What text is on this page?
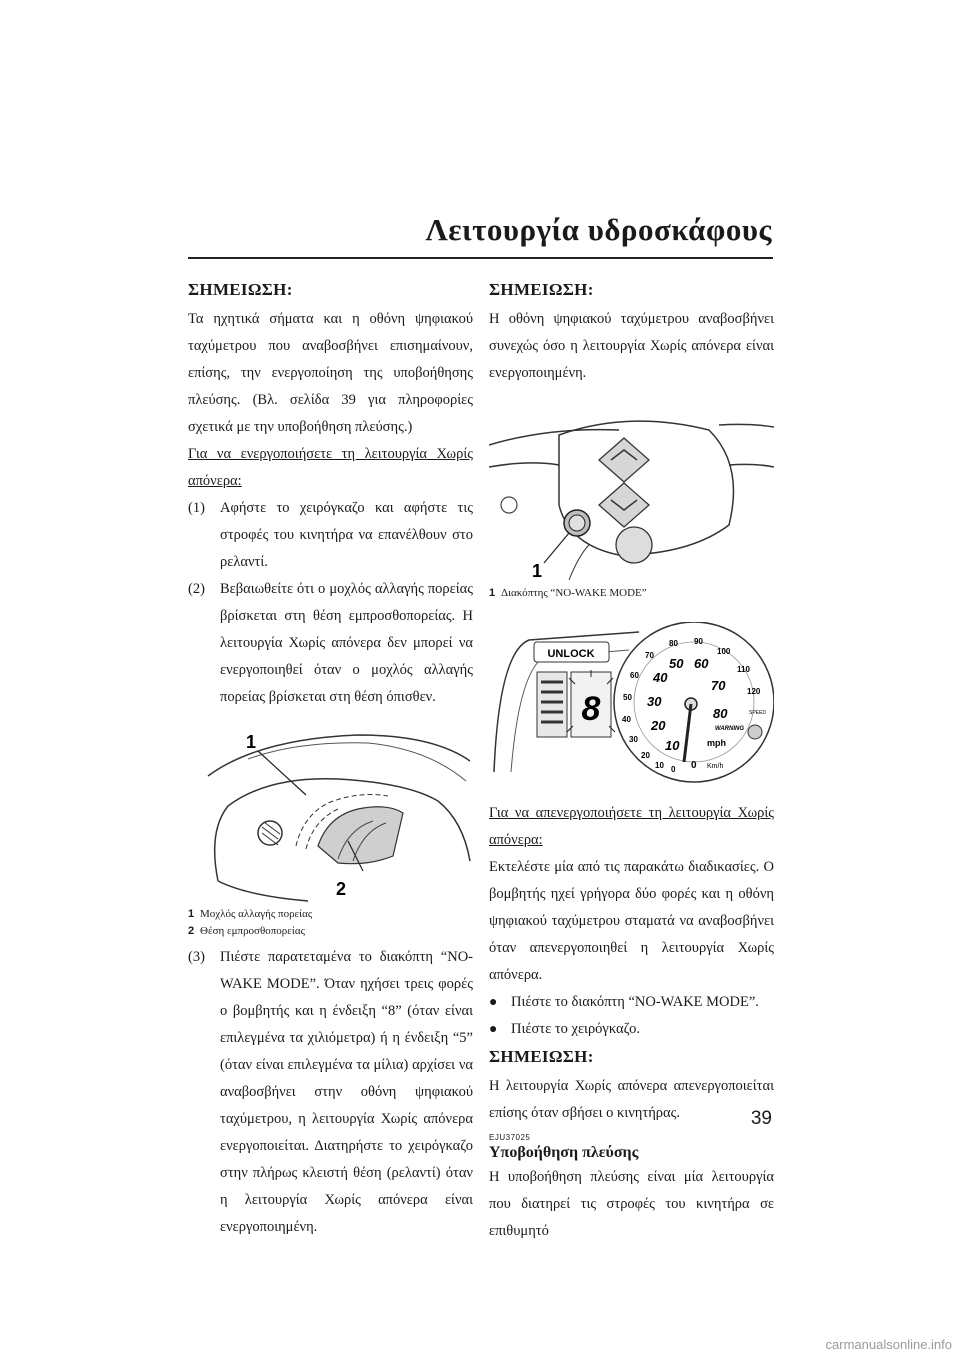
Λειτουργία υδροσκάφους
ΣΗΜΕΙΩΣΗ:

Τα ηχητικά σήματα και η οθόνη ψηφιακού ταχύμετρου που αναβοσβήνει επισημαίνουν, επίσης, την ενεργοποίηση της υποβοήθησης πλεύσης. (Βλ. σελίδα 39 για πληροφορίες σχετικά με την υποβοήθηση πλεύσης.)

Για να ενεργοποιήσετε τη λειτουργία Χωρίς απόνερα:

(1)	Αφήστε το χειρόγκαζο και αφήστε τις στροφές του κινητήρα να επανέλθουν στο ρελαντί.
(2)	Βεβαιωθείτε ότι ο μοχλός αλλαγής πορείας βρίσκεται στη θέση εμπροσθοπορείας. Η λειτουργία Χωρίς απόνερα δεν μπορεί να ενεργοποιηθεί όταν ο μοχλός αλλαγής πορείας βρίσκεται στη θέση όπισθεν.
1
2
1 Μοχλός αλλαγής πορείας
2 Θέση εμπροσθοπορείας
(3)	Πιέστε παρατεταμένα το διακόπτη “NO-WAKE MODE”. Όταν ηχήσει τρεις φορές ο βομβητής και η ένδειξη “8” (όταν είναι επιλεγμένα τα χιλιόμετρα) ή η ένδειξη “5” (όταν είναι επιλεγμένα τα μίλια) αρχίσει να αναβοσβήνει στην οθόνη ψηφιακού ταχύμετρου, η λειτουργία Χωρίς απόνερα ενεργοποιείται. Διατηρήστε το χειρόγκαζο στην πλήρως κλειστή θέση (ρελαντί) όταν η λειτουργία Χωρίς απόνερα είναι ενεργοποιημένη.
ΣΗΜΕΙΩΣΗ:

Η οθόνη ψηφιακού ταχύμετρου αναβοσβήνει συνεχώς όσο η λειτουργία Χωρίς απόνερα είναι ενεργοποιημένη.

1
1 Διακόπτης “NO-WAKE MODE”
UNLOCK
8
10
20
30
40
50 60
70
80
0
10
20
30
40
50
60
70
80 90
100
110
120
mph
Km/h
0
WARNING
SPEED

Για να απενεργοποιήσετε τη λειτουργία Χωρίς απόνερα:

Εκτελέστε μία από τις παρακάτω διαδικασίες. Ο βομβητής ηχεί γρήγορα δύο φορές και η οθόνη ψηφιακού ταχύμετρου σταματά να αναβοσβήνει όταν απενεργοποιηθεί η λειτουργία Χωρίς απόνερα.

● Πιέστε το διακόπτη “NO-WAKE MODE”.
● Πιέστε το χειρόγκαζο.
ΣΗΜΕΙΩΣΗ:

Η λειτουργία Χωρίς απόνερα απενεργοποιείται επίσης όταν σβήσει ο κινητήρας.

EJU37025
Υποβοήθηση πλεύσης

Η υποβοήθηση πλεύσης είναι μία λειτουργία που διατηρεί τις στροφές του κινητήρα σε επιθυμητό

39
carmanualsonline.info
